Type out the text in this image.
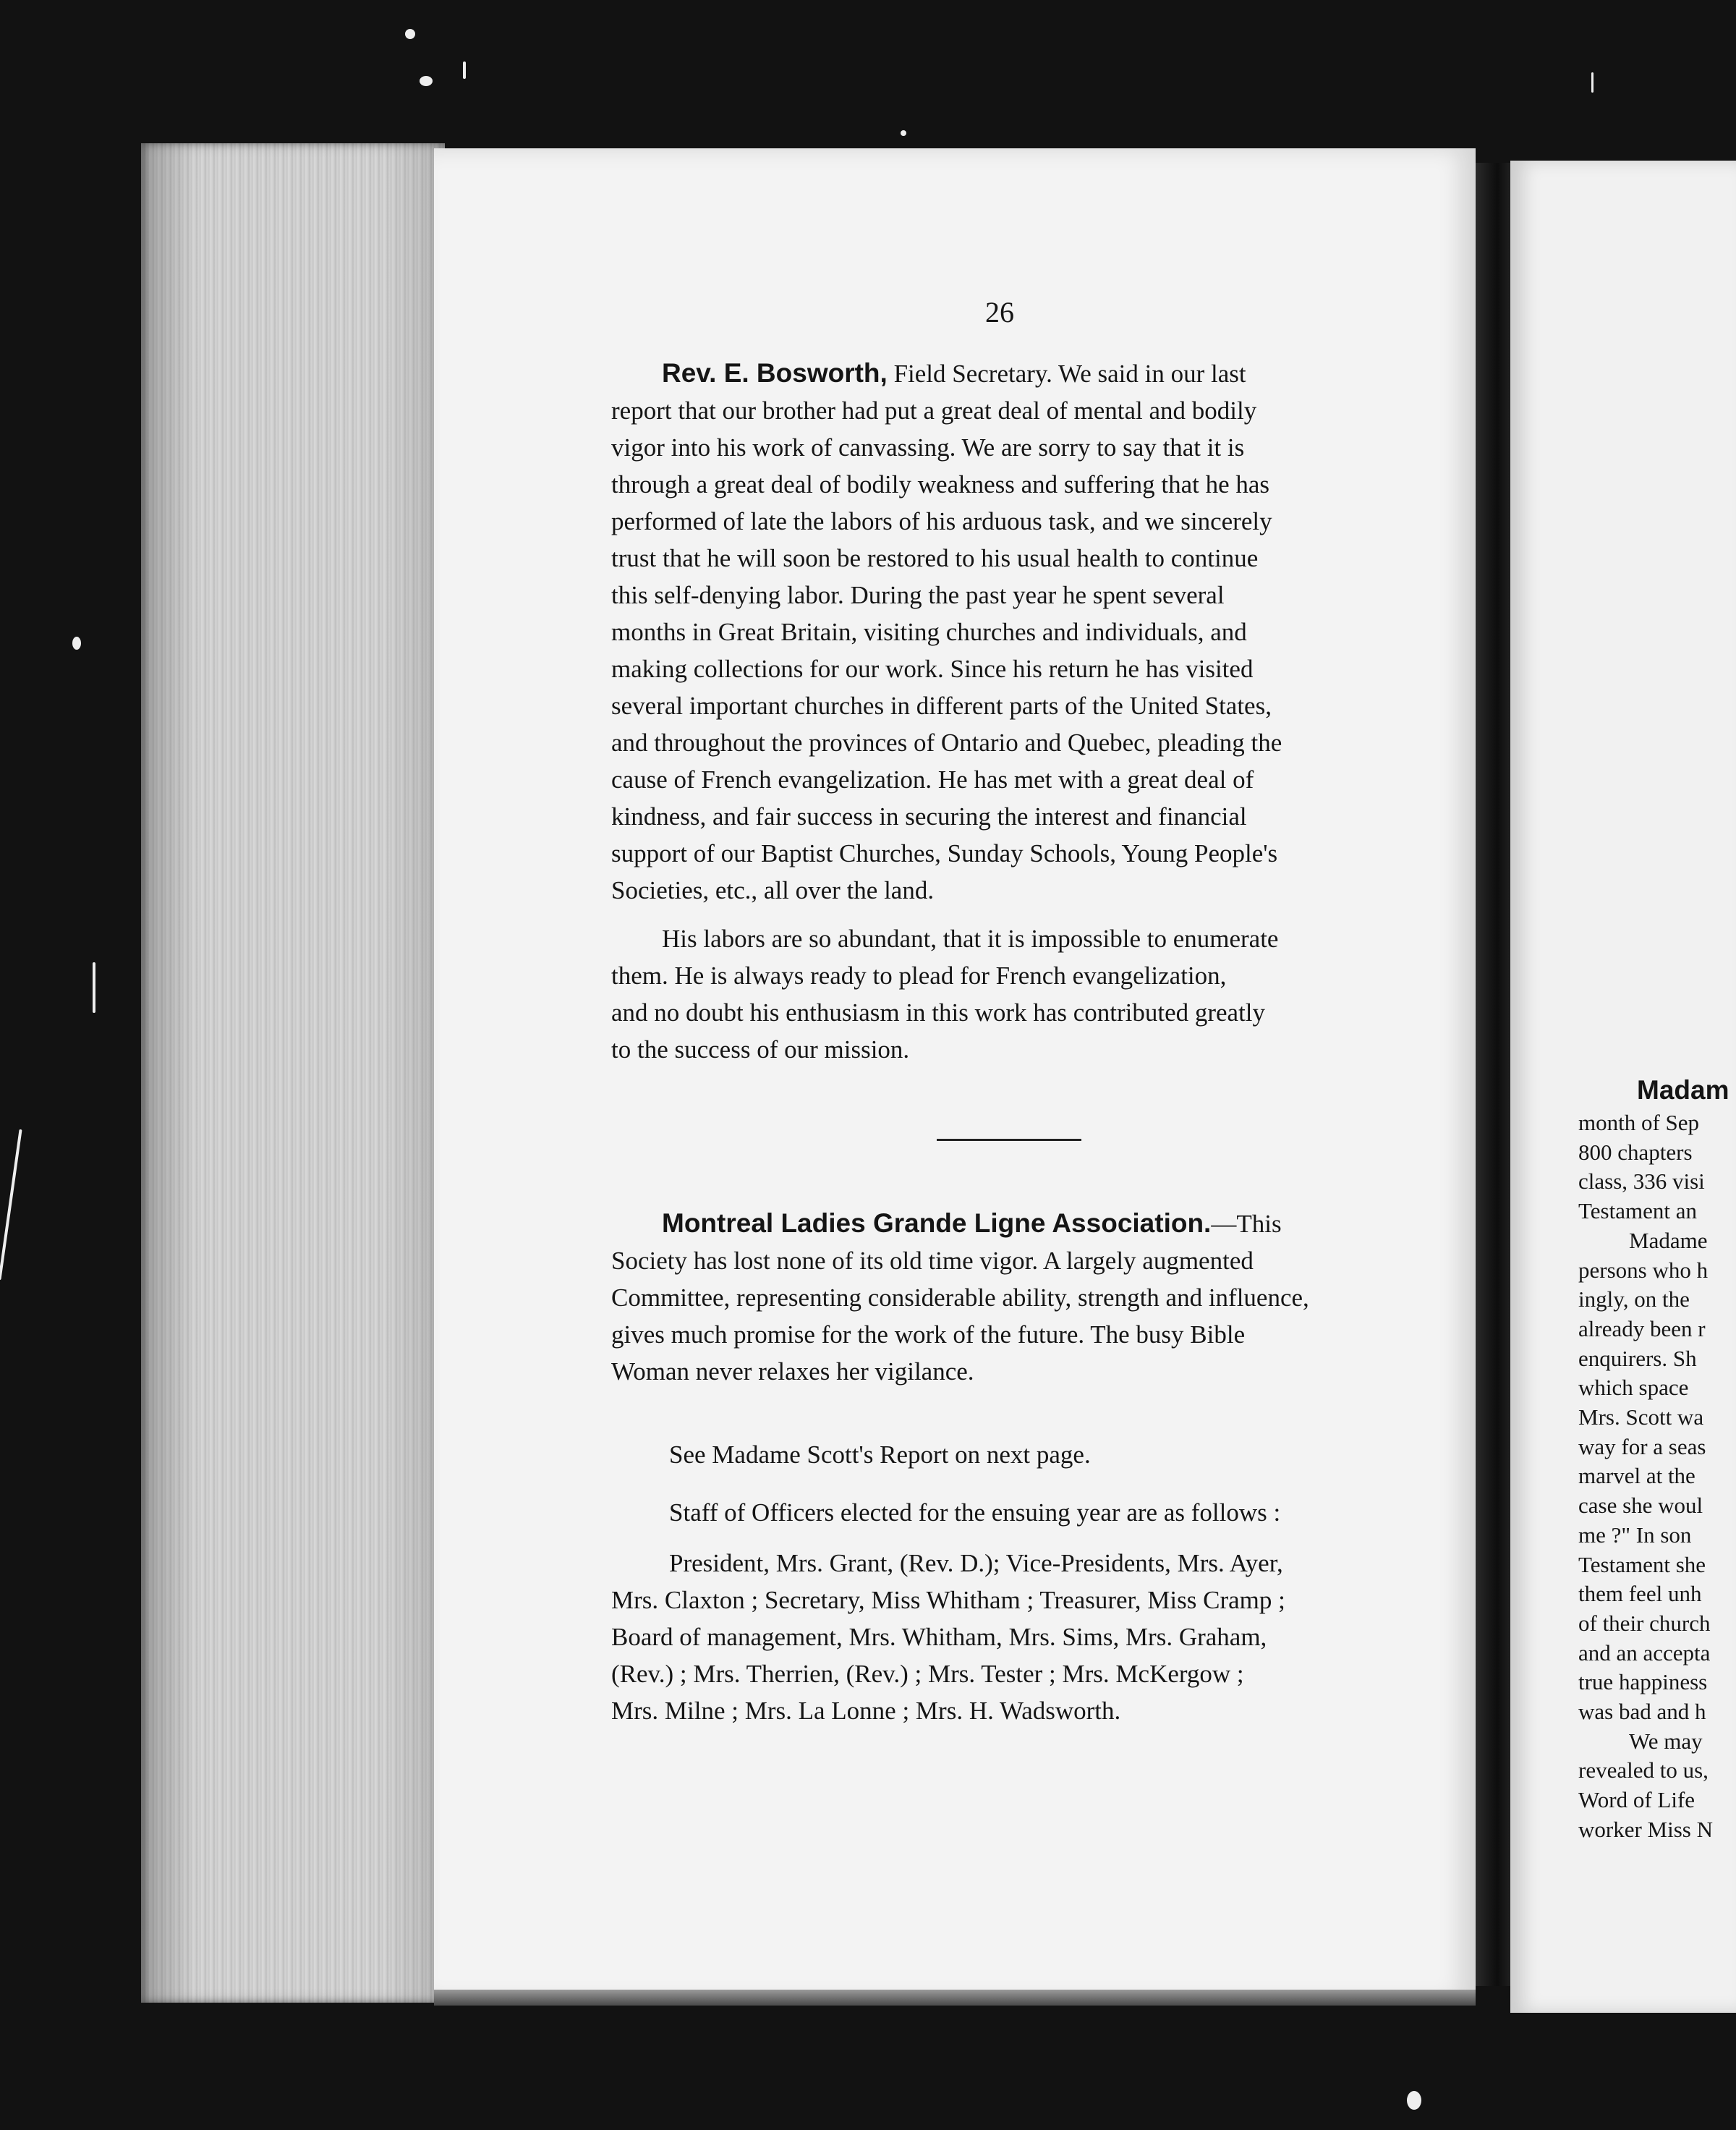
26
Rev. E. Bosworth, Field Secretary. We said in our last
report that our brother had put a great deal of mental and bodily
vigor into his work of canvassing. We are sorry to say that it is
through a great deal of bodily weakness and suffering that he has
performed of late the labors of his arduous task, and we sincerely
trust that he will soon be restored to his usual health to continue
this self-denying labor. During the past year he spent several
months in Great Britain, visiting churches and individuals, and
making collections for our work. Since his return he has visited
several important churches in different parts of the United States,
and throughout the provinces of Ontario and Quebec, pleading the
cause of French evangelization. He has met with a great deal of
kindness, and fair success in securing the interest and financial
support of our Baptist Churches, Sunday Schools, Young People's
Societies, etc., all over the land.
His labors are so abundant, that it is impossible to enumerate
them. He is always ready to plead for French evangelization,
and no doubt his enthusiasm in this work has contributed greatly
to the success of our mission.
Montreal Ladies Grande Ligne Association.—This
Society has lost none of its old time vigor. A largely augmented
Committee, representing considerable ability, strength and influence,
gives much promise for the work of the future. The busy Bible
Woman never relaxes her vigilance.
See Madame Scott's Report on next page.
Staff of Officers elected for the ensuing year are as follows :
President, Mrs. Grant, (Rev. D.); Vice-Presidents, Mrs. Ayer,
Mrs. Claxton ; Secretary, Miss Whitham ; Treasurer, Miss Cramp ;
Board of management, Mrs. Whitham, Mrs. Sims, Mrs. Graham,
(Rev.) ; Mrs. Therrien, (Rev.) ; Mrs. Tester ; Mrs. McKergow ;
Mrs. Milne ; Mrs. La Lonne ; Mrs. H. Wadsworth.
Madam
month of Sep
800 chapters
class, 336 visi
Testament an
Madame
persons who h
ingly, on the
already been r
enquirers. Sh
which space
Mrs. Scott wa
way for a seas
marvel at the
case she woul
me ?" In son
Testament she
them feel unh
of their church
and an accepta
true happiness
was bad and h
We may
revealed to us,
Word of Life
worker Miss N
